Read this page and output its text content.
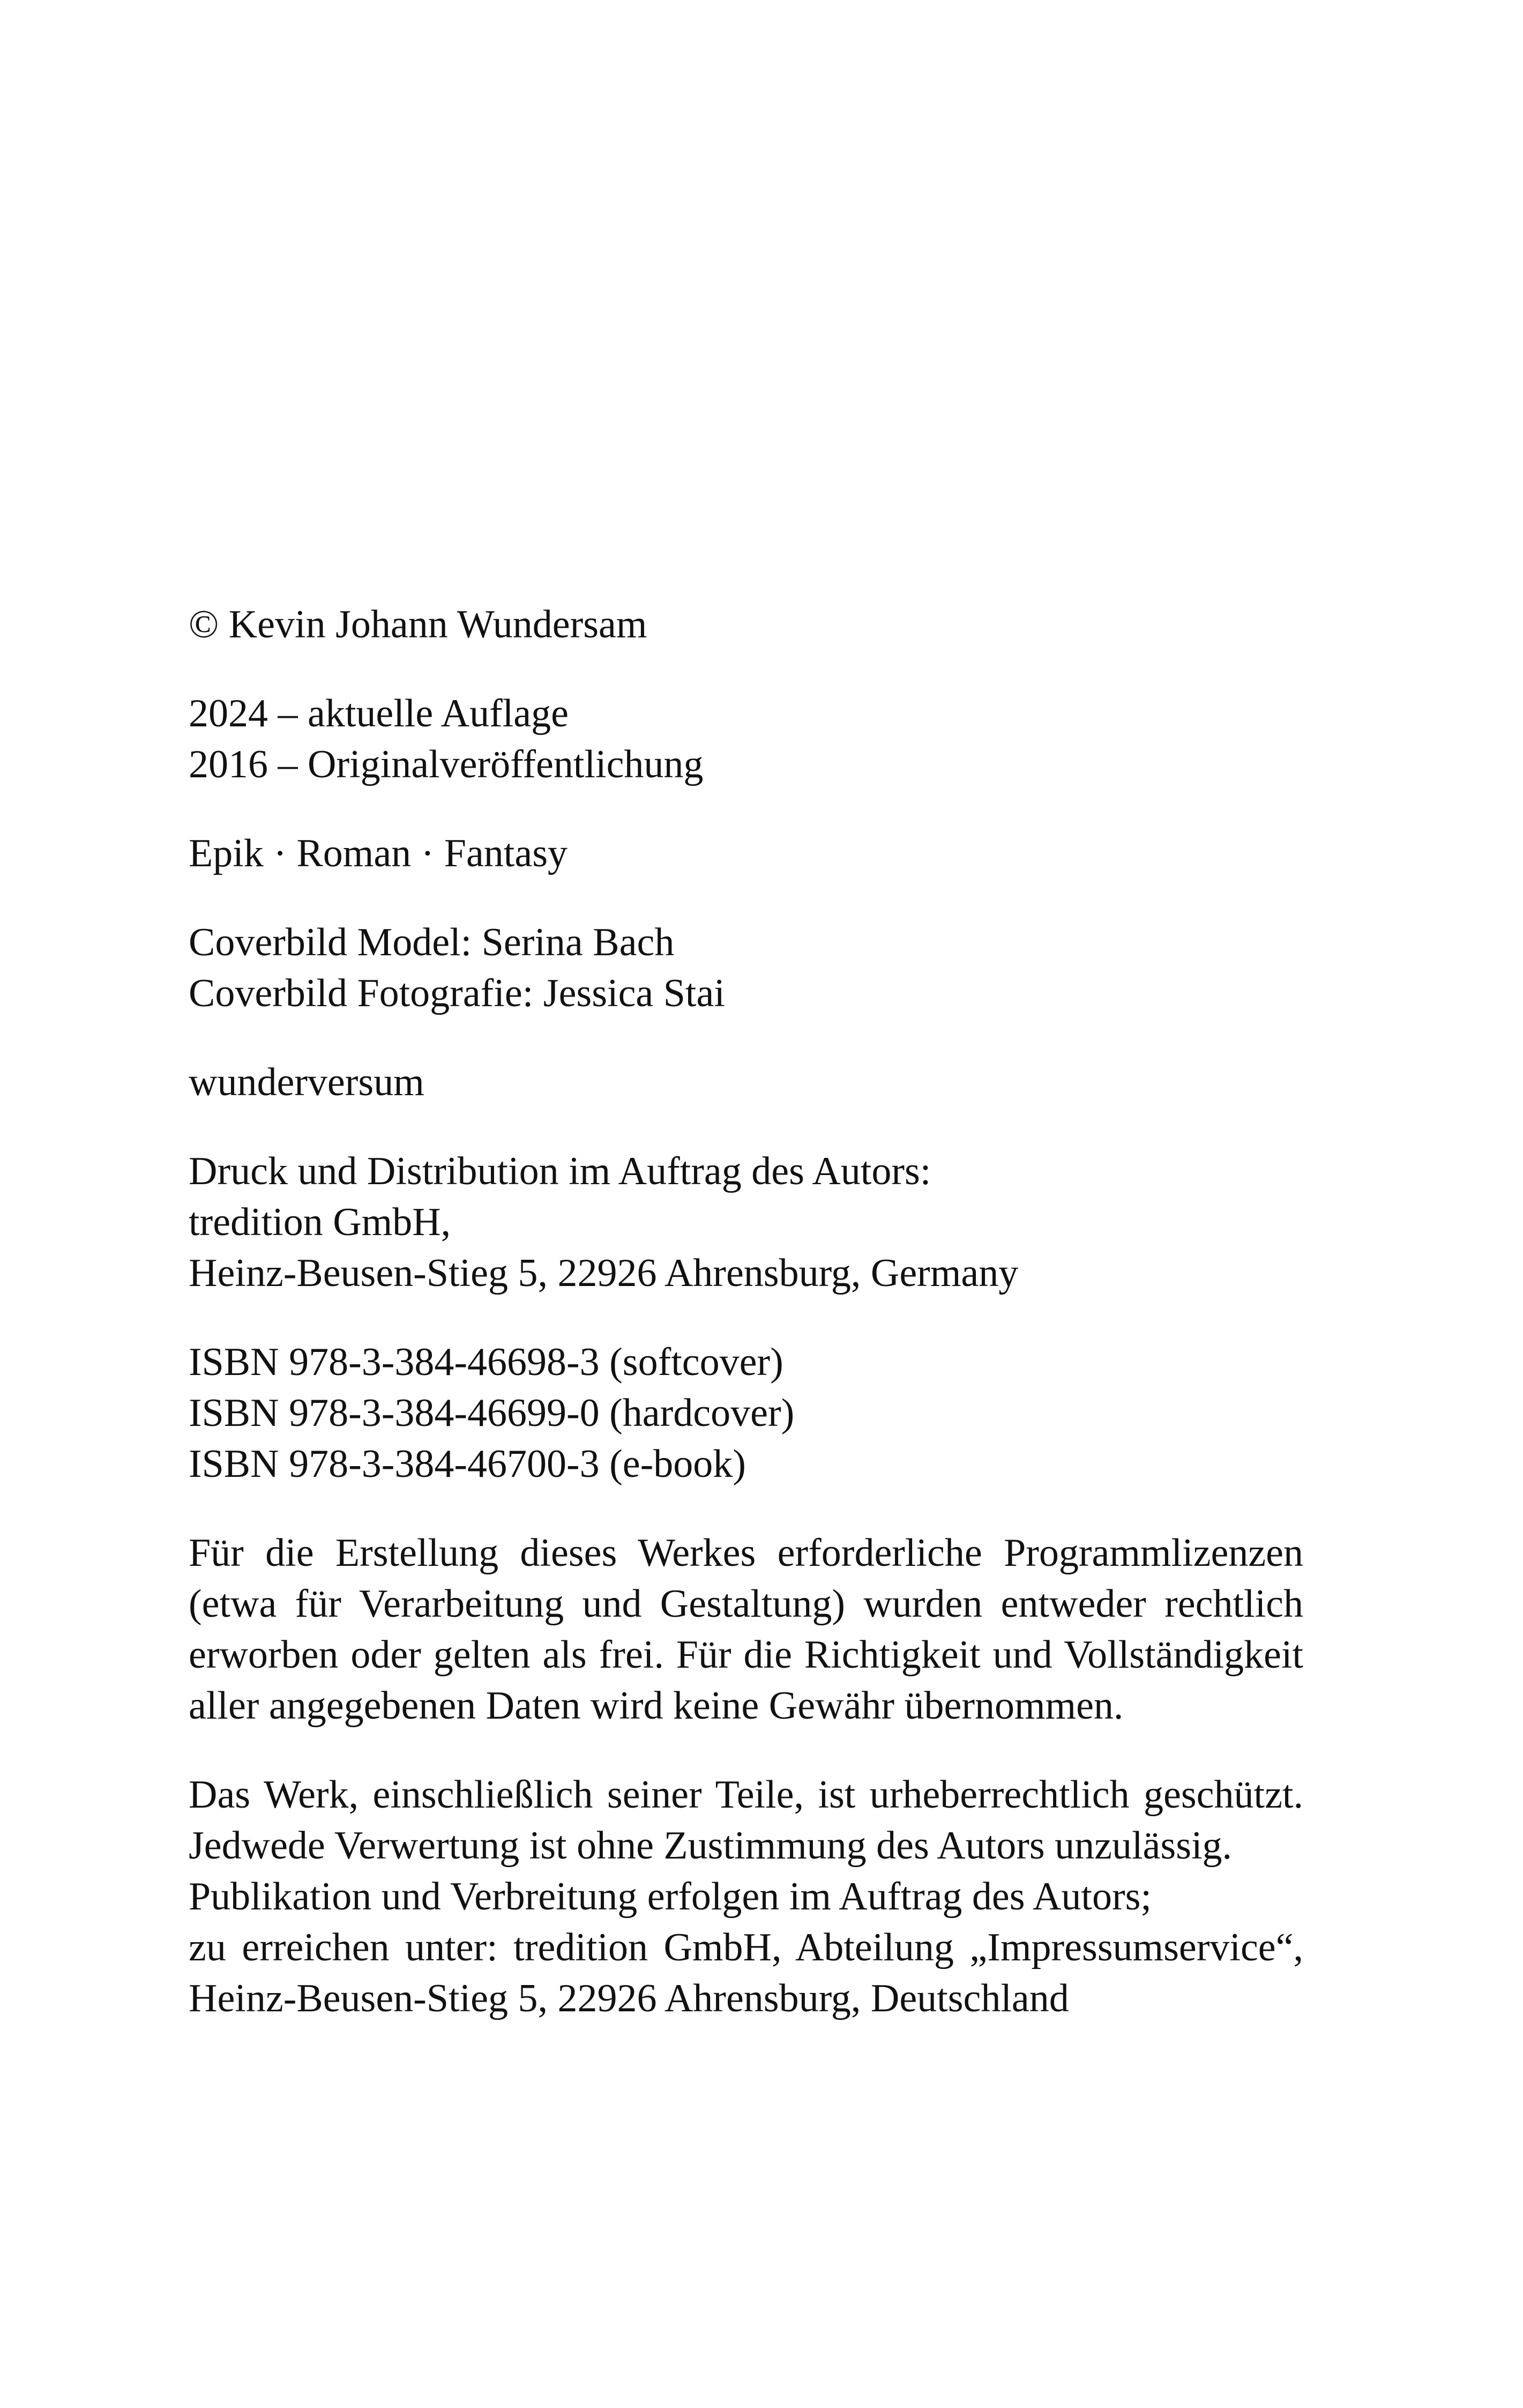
© Kevin Johann Wundersam
2024 – aktuelle Auflage
2016 – Originalveröffentlichung
Epik · Roman · Fantasy
Coverbild Model: Serina Bach
Coverbild Fotografie: Jessica Stai
wunderversum
Druck und Distribution im Auftrag des Autors:
tredition GmbH,
Heinz-Beusen-Stieg 5, 22926 Ahrensburg, Germany
ISBN 978-3-384-46698-3 (softcover)
ISBN 978-3-384-46699-0 (hardcover)
ISBN 978-3-384-46700-3 (e-book)
Für die Erstellung dieses Werkes erforderliche Programmlizenzen
(etwa für Verarbeitung und Gestaltung) wurden entweder rechtlich
erworben oder gelten als frei. Für die Richtigkeit und Vollständigkeit
aller angegebenen Daten wird keine Gewähr übernommen.
Das Werk, einschließlich seiner Teile, ist urheberrechtlich geschützt.
Jedwede Verwertung ist ohne Zustimmung des Autors unzulässig.
Publikation und Verbreitung erfolgen im Auftrag des Autors;
zu erreichen unter: tredition GmbH, Abteilung „Impressumservice“,
Heinz-Beusen-Stieg 5, 22926 Ahrensburg, Deutschland
